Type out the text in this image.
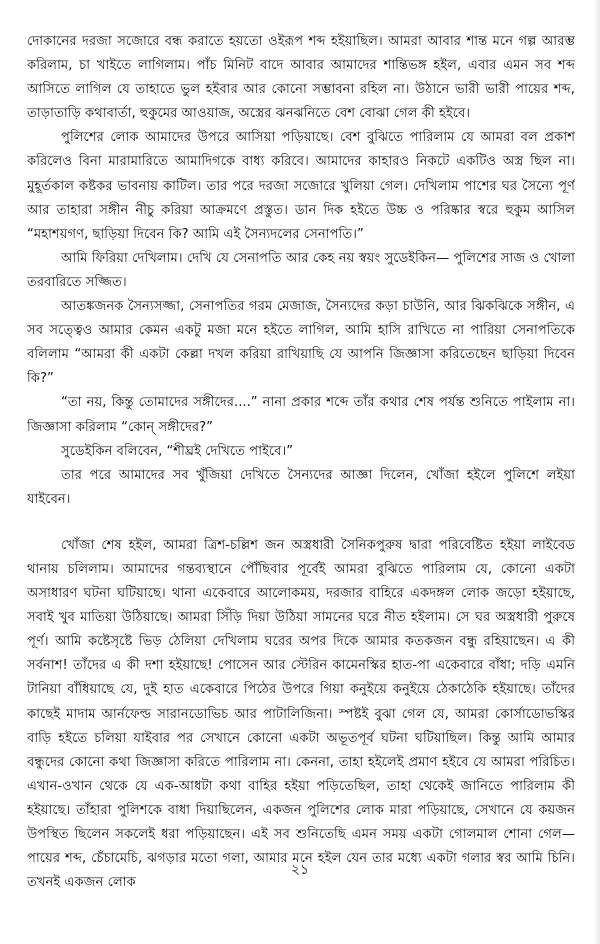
দোকানের দরজা সজোরে বন্ধ করাতে হয়তো ওইরূপ শব্দ হইয়াছিল। আমরা আবার শান্ত মনে গল্প আরম্ভ করিলাম, চা খাইতে লাগিলাম। পাঁচ মিনিট বাদে আবার আমাদের শান্তিভঙ্গ হইল, এবার এমন সব শব্দ আসিতে লাগিল যে তাহাতে ভুল হইবার আর কোনো সম্ভাবনা রহিল না। উঠানে ভারী ভারী পায়ের শব্দ, তাড়াতাড়ি কথাবার্তা, হুকুমের আওয়াজ, অস্ত্রের ঝনঝনিতে বেশ বোঝা গেল কী হইবে।

পুলিশের লোক আমাদের উপরে আসিয়া পড়িয়াছে। বেশ বুঝিতে পারিলাম যে আমরা বল প্রকাশ করিলেও বিনা মারামারিতে আমাদিগকে বাধ্য করিবে। আমাদের কাহারও নিকটে একটিও অস্ত্র ছিল না। মুহূর্তকাল কষ্টকর ভাবনায় কাটিল। তার পরে দরজা সজোরে খুলিয়া গেল। দেখিলাম পাশের ঘর সৈন্যে পূর্ণ আর তাহারা সঙ্গীন নীচু করিয়া আক্রমণে প্রস্তুত। ডান দিক হইতে উচ্চ ও পরিষ্কার স্বরে হুকুম আসিল “মহাশয়গণ, ছাড়িয়া দিবেন কি? আমি এই সৈন্যদলের সেনাপতি।”

আমি ফিরিয়া দেখিলাম। দেখি যে সেনাপতি আর কেহ নয় স্বয়ং সুডেইকিন— পুলিশের সাজ ও খোলা তরবারিতে সজ্জিত।

আতঙ্কজনক সৈন্যসজ্জা, সেনাপতির গরম মেজাজ, সৈন্যদের কড়া চাউনি, আর ঝিকঝিকে সঙ্গীন, এ সব সত্ত্বেও আমার কেমন একটু মজা মনে হইতে লাগিল, আমি হাসি রাখিতে না পারিয়া সেনাপতিকে বলিলাম “আমরা কী একটা কেল্লা দখল করিয়া রাখিয়াছি যে আপনি জিজ্ঞাসা করিতেছেন ছাড়িয়া দিবেন কি?”

“তা নয়, কিন্তু তোমাদের সঙ্গীদের....” নানা প্রকার শব্দে তাঁর কথার শেষ পর্যন্ত শুনিতে পাইলাম না। জিজ্ঞাসা করিলাম “কোন্ সঙ্গীদের?”

সুডেইকিন বলিবেন, “শীঘ্রই দেখিতে পাইবে।”

তার পরে আমাদের সব খুঁজিয়া দেখিতে সৈন্যদের আজ্ঞা দিলেন, খোঁজা হইলে পুলিশে লইয়া যাইবেন।

খোঁজা শেষ হইল, আমরা ত্রিশ-চল্লিশ জন অস্ত্রধারী সৈনিকপুরুষ দ্বারা পরিবেষ্টিত হইয়া লাইবেড থানায় চলিলাম। আমাদের গন্তব্যস্থানে পৌঁছিবার পূর্বেই আমরা বুঝিতে পারিলাম যে, কোনো একটা অসাধারণ ঘটনা ঘটিয়াছে। থানা একেবারে আলোকময়, দরজার বাহিরে একদঙ্গল লোক জড়ো হইয়াছে, সবাই খুব মাতিয়া উঠিয়াছে। আমরা সিঁড়ি দিয়া উঠিয়া সামনের ঘরে নীত হইলাম। সে ঘর অস্ত্রধারী পুরুষে পূর্ণ। আমি কষ্টেসৃষ্টে ভিড় ঠেলিয়া দেখিলাম ঘরের অপর দিকে আমার কতকজন বন্ধু রহিয়াছেন। এ কী সর্বনাশ! তাঁদের এ কী দশা হইয়াছে! পোসেন আর স্টেরিন কামেনস্কির হাত-পা একেবারে বাঁধা; দড়ি এমনি টানিয়া বাঁধিয়াছে যে, দুই হাত একেবারে পিঠের উপরে গিয়া কনুইয়ে কনুইয়ে ঠেকাঠেকি হইয়াছে। তাঁদের কাছেই মাদাম আর্নফেল্ড সারানডোভিচ আর পাটালিজিনা। স্পষ্টই বুঝা গেল যে, আমরা কোর্সাডোভস্কির বাড়ি হইতে চলিয়া যাইবার পর সেখানে কোনো একটা অভূতপূর্ব ঘটনা ঘটিয়াছিল। কিন্তু আমি আমার বন্ধুদের কোনো কথা জিজ্ঞাসা করিতে পারিলাম না। কেননা, তাহা হইলেই প্রমাণ হইবে যে আমরা পরিচিত। এখান-ওখান থেকে যে এক-আধটা কথা বাহির হইয়া পড়িতেছিল, তাহা থেকেই জানিতে পারিলাম কী হইয়াছে। তাঁহারা পুলিশকে বাধা দিয়াছিলেন, একজন পুলিশের লোক মারা পড়িয়াছে, সেখানে যে কয়জন উপস্থিত ছিলেন সকলেই ধরা পড়িয়াছেন। এই সব শুনিতেছি এমন সময় একটা গোলমাল শোনা গেল—পায়ের শব্দ, চেঁচামেচি, ঝগড়ার মতো গলা, আমার মনে হইল যেন তার মধ্যে একটা গলার স্বর আমি চিনি। তখনই একজন লোক

২১
